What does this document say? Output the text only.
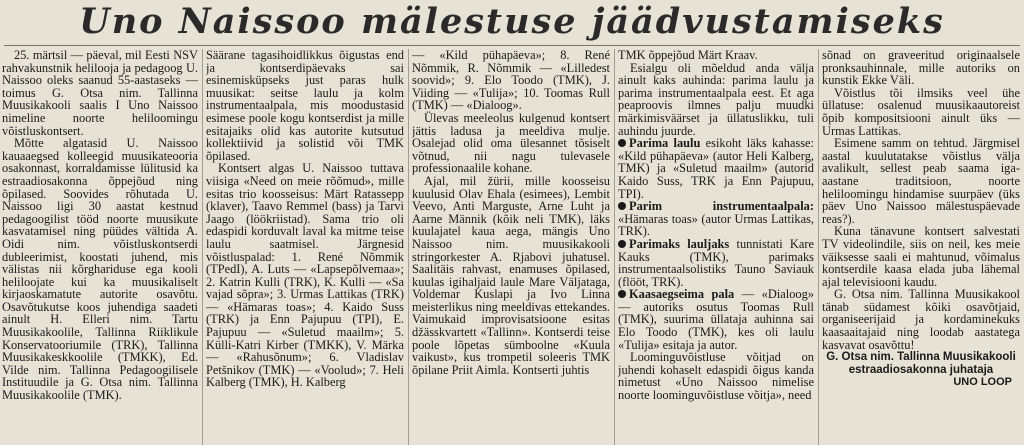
Uno Naissoo mälestuse jäädvustamiseks

25. märtsil — päeval, mil Eesti NSV rahvakunstnik heliloojа ja pedagoog U. Naissoo oleks saanud 55-aastaseks — toimus G. Otsa nim. Tallinna Muusikakooli saalis I Uno Naissoo nimeline noorte heliloomingu võistluskontsert.

Mõtte algatasid U. Naissoo kauaaegsed kolleegid muusikateooria osakonnast, korraldamisse lülitusid ka estraadiosakonna õppejõud ning õpilased. Soovides rõhutada U. Naissoo ligi 30 aastat kestnud pedagoogilist tööd noorte muusikute kasvatamisel ning püüdes vältida A. Oidi nim. võistluskontserdi dubleerimist, koostati juhend, mis välistas nii kõrghariduse ega kooli heliloojate kui ka muusikaliselt kirjaoskamatute autorite osavõtu. Osavõtukutse koos juhendiga saadeti ainult H. Elleri nim. Tartu Muusikakoolile, Tallinna Riiklikule Konservatooriumile (TRK), Tallinna Muusikakeskkoolile (TMKK), Ed. Vilde nim. Tallinna Pedagoogilisele Instituudile ja G. Otsa nim. Tallinna Muusikakoolile (TMK).

Säärane tagasihoidlikkus õigustas end ja kontserdipäevaks sai esinemisküpseks just paras hulk muusikat: seitse laulu ja kolm instrumentaalpala, mis moodustasid esimese poole kogu kontserdist ja mille esitajaiks olid kas autorite kutsutud kollektiivid ja solistid või TMK õpilased.

Kontsert algas U. Naissoo tuttava viisiga «Need on meie rõõmud», mille esitas trio koosseisus: Märt Ratassepp (klaver), Taavo Remmel (bass) ja Tarvi Jaago (löökriistad). Sama trio oli edaspidi korduvalt laval ka mitme teise laulu saatmisel. Järgnesid võistluspalad: 1. René Nõmmik (TPedI), A. Luts — «Lapsepõlvemaa»; 2. Katrin Kulli (TRK), K. Kulli — «Sa vajad sõpra»; 3. Urmas Lattikas (TRK) — «Hämaras toas»; 4. Kaido Suss (TRK) ja Enn Pajupuu (TPI), E. Pajupuu — «Suletud maailm»; 5. Külli-Katri Kirber (TMKK), V. Märka — «Rahusõnum»; 6. Vladislav Petšnikov (TMK) — «Voolud»; 7. Heli Kalberg (TMK), H. Kalberg

— «Kild pühapäeva»; 8. René Nõmmik, R. Nõmmik — «Lilledest soovid»; 9. Elo Toodo (TMK), J. Viiding — «Tulija»; 10. Toomas Rull (TMK) — «Dialoog».

Ülevas meeleolus kulgenud kontsert jättis ladusa ja meeldiva mulje. Osalejad olid oma ülesannet tõsiselt võtnud, nii nagu tulevasele professionaalile kohane.

Ajal, mil žürii, mille koosseisu kuulusid Olav Ehala (esimees), Lembit Veevo, Anti Marguste, Arne Luht ja Aarne Männik (kõik neli TMK), läks kuulajatel kaua aega, mängis Uno Naissoo nim. muusikakooli stringorkester A. Rjabovi juhatusel. Saalitäis rahvast, enamuses õpilased, kuulas igihaljaid laule Mare Väljataga, Voldemar Kuslapi ja Ivo Linna meisterlikus ning meeldivas ettekandes. Vaimukaid improvisatsioone esitas džässkvartett «Tallinn». Kontserdi teise poole lõpetas sümboolne «Kuula vaikust», kus trompetil soleeris TMK õpilane Priit Aimla. Kontserti juhtis

TMK õppejõud Märt Kraav.

Esialgu oli mõeldud anda välja ainult kaks auhinda: parima laulu ja parima instrumentaalpala eest. Et aga peaproovis ilmnes palju muudki märkimisväärset ja üllatuslikku, tuli auhindu juurde.

Parima laulu esikoht läks kahasse: «Kild pühapäeva» (autor Heli Kalberg, TMK) ja «Suletud maailm» (autorid Kaido Suss, TRK ja Enn Pajupuu, TPI).

Parim instrumentaalpala: «Hämaras toas» (autor Urmas Lattikas, TRK).

Parimaks lauljaks tunnistati Kare Kauks (TMK), parimaks instrumentaalsolistiks Tauno Saviauk (flööt, TRK).

Kaasaegseima pala — «Dialoog» — autoriks osutus Toomas Rull (TMK), suurima üllataja auhinna sai Elo Toodo (TMK), kes oli laulu «Tulija» esitaja ja autor.

Loominguvõistluse võitjad on juhendi kohaselt edaspidi õigus kanda nimetust «Uno Naissoo nimelise noorte loominguvõistluse võitja», need

sõnad on graveeritud originaalsele pronksauhinnale, mille autoriks on kunstik Ekke Väli.

Võistlus tõi ilmsiks veel ühe üllatuse: osalenud muusikaautoreist õpib kompositsiooni ainult üks — Urmas Lattikas.

Esimene samm on tehtud. Järgmisel aastal kuulutatakse võistlus välja avalikult, sellest peab saama iga-aastane traditsioon, noorte heliloomingu hindamise suurpäev (üks päev Uno Naissoo mälestuspäevade reas?).

Kuna tänavune kontsert salvestati TV videolindile, siis on neil, kes meie väiksesse saali ei mahtunud, võimalus kontserdile kaasa elada juba lähemal ajal televisiooni kaudu.

G. Otsa nim. Tallinna Muusikakool tänab südamest kõiki osavõtjaid, organiseerijaid ja kordaminekuks kaasaaitajaid ning loodab aastatega kasvavat osavõttu!

G. Otsa nim. Tallinna Muusikakooli estraadiosakonna juhataja

UNO LOOP
